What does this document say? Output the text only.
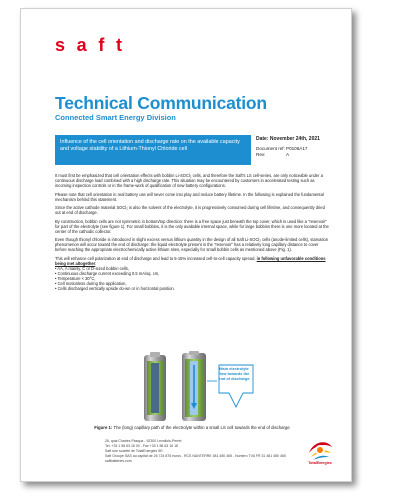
saft
Technical Communication
Connected Smart Energy Division
Influence of the cell orientation and discharge rate on the available capacity and voltage stability of a Lithium-Thionyl Chloride cell
Date: November 24th, 2021
Document ref: P0106A17
Rev:	A

It must first be emphasized that cell orientation effects with bobbin Li-SOCl₂ cells, and therefore the Saft's LS cell-series, are only noticeable under a continuous discharge load combined with a high discharge rate. This situation may be encountered by customers in accelerated testing such as incoming inspection controls or in the frame-work of qualification of new battery configurations.

Please note that cell orientation in real battery use will never come into play and reduce battery lifetime. In the following is explained the fundamental mechanism behind this statement.

Since the active cathode material SOCl₂ is also the solvent of the electrolyte, it is progressively consumed during cell lifetime, and consequently dried out at end of discharge.

By construction, bobbin cells are not symmetric in bottom/top direction: there is a free space just beneath the top cover, which is used like a "reservoir" for part of the electrolyte (see figure 1). For small bobbins, it is the only available internal space, while for large bobbins there is one more located at the center of the cathodic collector.

Even though thionyl chloride is introduced in slight excess versus lithium quantity in the design of all Saft Li-SOCl₂ cells (anode-limited cells), starvation phenomenon will occur toward the end of discharge: the liquid electrolyte present in the "reservoir" has a relatively long capillary distance to cover before reaching the appropriate electrochemically active lithium sites, especially for small bobbin cells as mentioned above (Fig. 1).

This will enhance cell polarization at end of discharge and lead to 5-15% increased cell-to-cell capacity spread, in following unfavorable conditions being met altogether:

• AA, A mainly, C or D-sized bobbin cells,
• Continuous discharge current exceeding 0.5 mA/sq. cm,
• Temperature < 30°C,
• Cell motionless during the application,
• Cells discharged vertically upside do-wn or in horizontal position.
Main electrolyte flow towards the end of discharge
Figure 1: The (long) capillary path of the electrolyte within a small LS cell towards the end of discharge
26, quai Charles Pasqua - 92300 Levallois-Perret
Tel. +33 1 58 63 16 00 - Fax +33 1 58 63 16 18
Saft une société de TotalEnergies SE.
Saft Groupe SAS au capital de 26 724 876 euros - RCS NANTERRE 481 480 465 - Numéro TVA FR 31 481 480 465
saftbatteries.com	TotalEnergies
